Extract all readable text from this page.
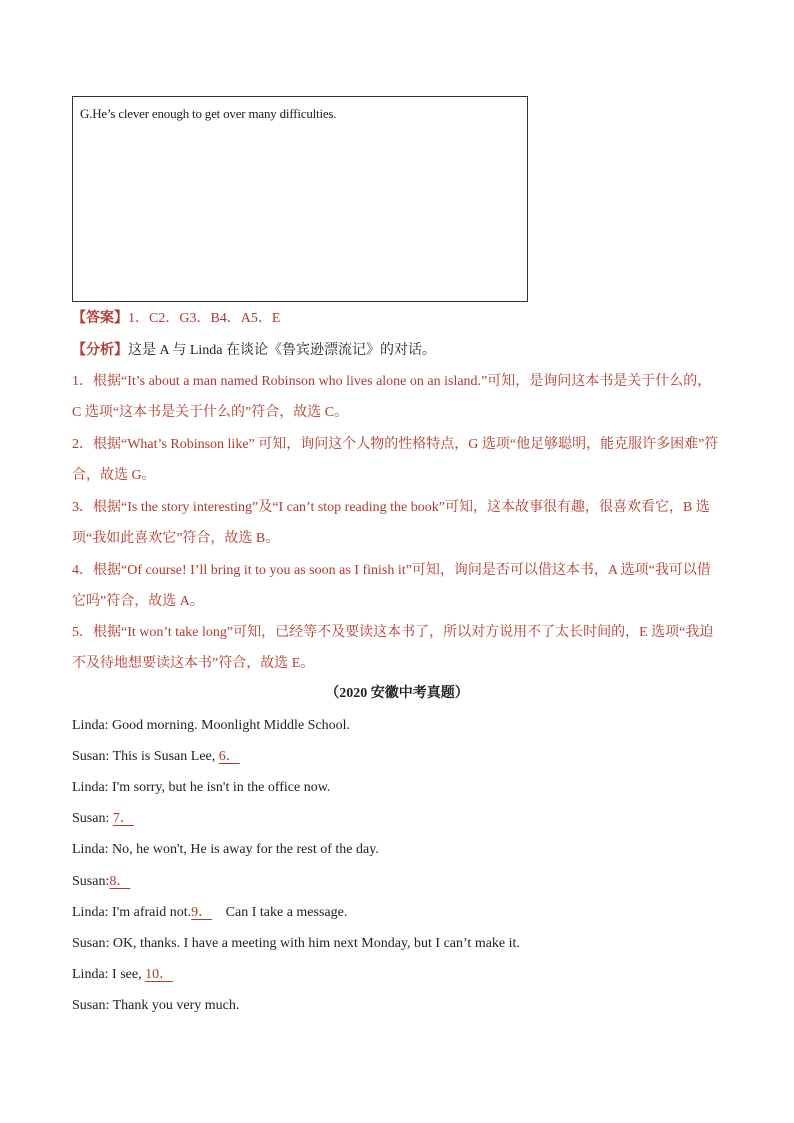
G.He’s clever enough to get over many difficulties.
【答案】1．C2．G3．B4．A5．E
【分析】这是 A 与 Linda 在谈论《鲁宾逊漂流记》的对话。
1．根据“It’s about a man named Robinson who lives alone on an island.”可知，是询问这本书是关于什么的，
C 选项“这本书是关于什么的”符合，故选 C。
2．根据“What’s Robinson like” 可知，询问这个人物的性格特点，G 选项“他足够聪明，能克服许多困难”符
合，故选 G。
3．根据“Is the story interesting”及“I can’t stop reading the book”可知，这本故事很有趣，很喜欢看它，B 选
项“我如此喜欢它”符合，故选 B。
4．根据“Of course! I’ll bring it to you as soon as I finish it”可知，询问是否可以借这本书，A 选项“我可以借
它吗”符合，故选 A。
5．根据“It won’t take long”可知，已经等不及要读这本书了，所以对方说用不了太长时间的，E 选项“我迫
不及待地想要读这本书”符合，故选 E。
（2020 安徽中考真题）
Linda: Good morning. Moonlight Middle School.
Susan: This is Susan Lee, 6．
Linda: I'm sorry, but he isn't in the office now.
Susan: 7．
Linda: No, he won't, He is away for the rest of the day.
Susan:8．
Linda: I'm afraid not.9． Can I take a message.
Susan: OK, thanks. I have a meeting with him next Monday, but I can’t make it.
Linda: I see, 10．
Susan: Thank you very much.
